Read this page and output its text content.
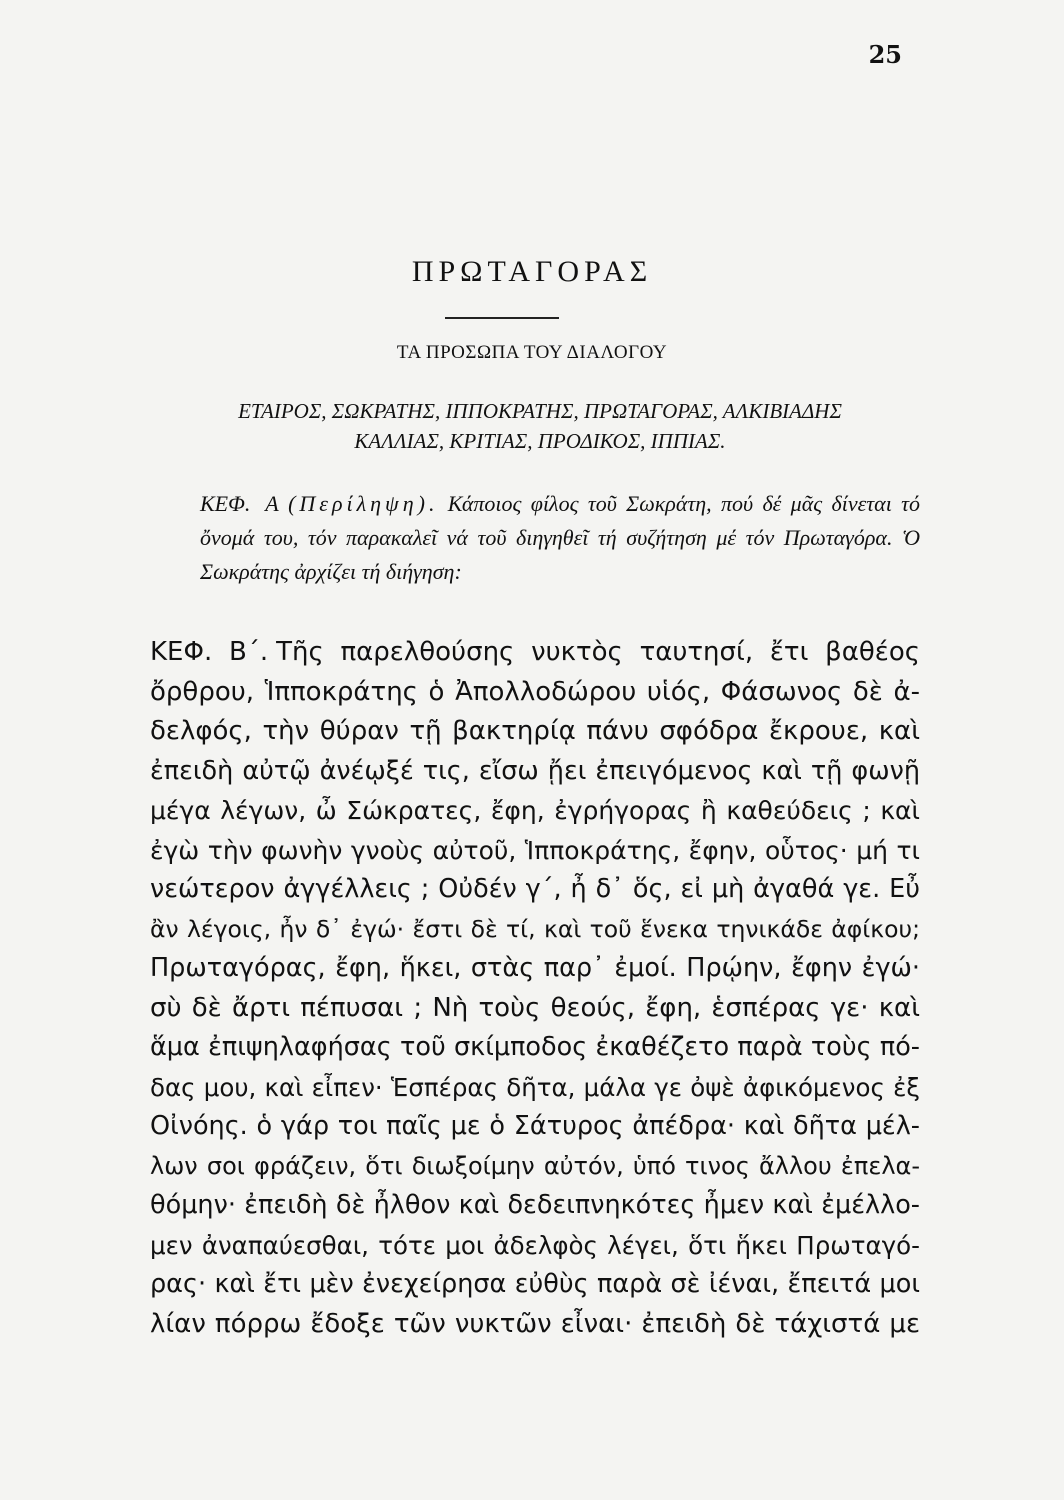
25
ΠΡΩΤΑΓΟΡΑΣ
ΤΑ ΠΡΟΣΩΠΑ ΤΟΥ ΔΙΑΛΟΓΟΥ
ΕΤΑΙΡΟΣ, ΣΩΚΡΑΤΗΣ, ΙΠΠΟΚΡΑΤΗΣ, ΠΡΩΤΑΓΟΡΑΣ, ΑΛΚΙΒΙΑΔΗΣ
ΚΑΛΛΙΑΣ, ΚΡΙΤΙΑΣ, ΠΡΟΔΙΚΟΣ, ΙΠΠΙΑΣ.
ΚΕΦ. Α (Περίληψη). Κάποιος φίλος τοῦ Σωκράτη, πού δέ μᾶς δίνεται τό ὄνομά του, τόν παρακαλεῖ νά τοῦ διηγηθεῖ τή συζήτηση μέ τόν Πρωταγόρα. Ὁ Σωκράτης ἀρχίζει τή διήγηση:
ΚΕΦ. Β΄. Τῆς παρελθούσης νυκτὸς ταυτησί, ἔτι βαθέος
ὄρθρου, Ἱπποκράτης ὁ Ἀπολλοδώρου υἱός, Φάσωνος δὲ ἀ-
δελφός, τὴν θύραν τῇ βακτηρίᾳ πάνυ σφόδρα ἔκρουε, καὶ
ἐπειδὴ αὐτῷ ἀνέῳξέ τις, εἴσω ᾔει ἐπειγόμενος καὶ τῇ φωνῇ
μέγα λέγων, ὦ Σώκρατες, ἔφη, ἐγρήγορας ἢ καθεύδεις ; καὶ
ἐγὼ τὴν φωνὴν γνοὺς αὐτοῦ, Ἱπποκράτης, ἔφην, οὗτος· μή τι
νεώτερον ἀγγέλλεις ; Οὐδέν γ΄, ἦ δ᾿ ὅς, εἰ μὴ ἀγαθά γε. Εὖ
ἂν λέγοις, ἦν δ᾿ ἐγώ· ἔστι δὲ τί, καὶ τοῦ ἕνεκα τηνικάδε ἀφίκου;
Πρωταγόρας, ἔφη, ἥκει, στὰς παρ᾿ ἐμοί. Πρῴην, ἔφην ἐγώ·
σὺ δὲ ἄρτι πέπυσαι ; Νὴ τοὺς θεούς, ἔφη, ἑσπέρας γε· καὶ
ἅμα ἐπιψηλαφήσας τοῦ σκίμποδος ἐκαθέζετο παρὰ τοὺς πό-
δας μου, καὶ εἶπεν· Ἑσπέρας δῆτα, μάλα γε ὀψὲ ἀφικόμενος ἐξ
Οἰνόης. ὁ γάρ τοι παῖς με ὁ Σάτυρος ἀπέδρα· καὶ δῆτα μέλ-
λων σοι φράζειν, ὅτι διωξοίμην αὐτόν, ὑπό τινος ἄλλου ἐπελα-
θόμην· ἐπειδὴ δὲ ἦλθον καὶ δεδειπνηκότες ἦμεν καὶ ἐμέλλο-
μεν ἀναπαύεσθαι, τότε μοι ἀδελφὸς λέγει, ὅτι ἥκει Πρωταγό-
ρας· καὶ ἔτι μὲν ἐνεχείρησα εὐθὺς παρὰ σὲ ἰέναι, ἔπειτά μοι
λίαν πόρρω ἔδοξε τῶν νυκτῶν εἶναι· ἐπειδὴ δὲ τάχιστά με
